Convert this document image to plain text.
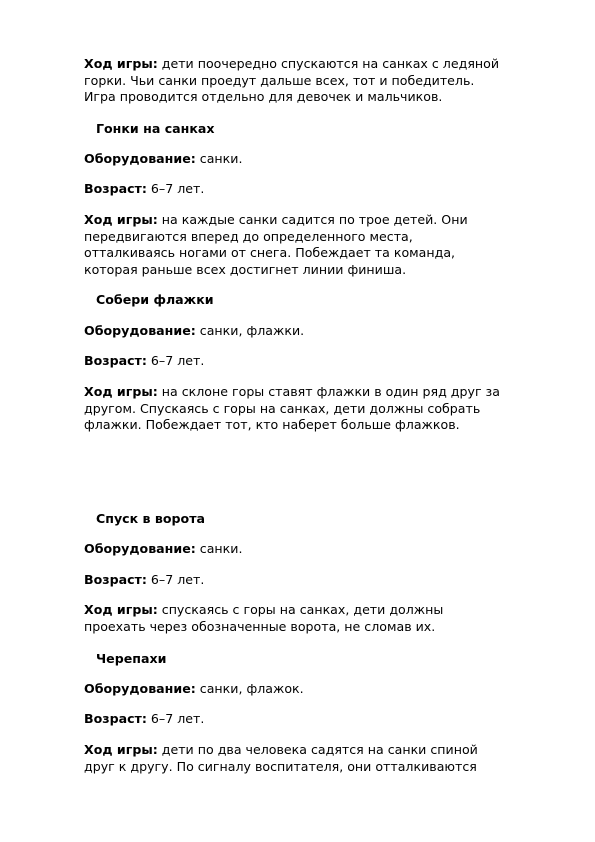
Ход игры: дети поочередно спускаются на санках с ледяной
горки. Чьи санки проедут дальше всех, тот и победитель.
Игра проводится отдельно для девочек и мальчиков.
Гонки на санках
Оборудование: санки.
Возраст: 6–7 лет.
Ход игры: на каждые санки садится по трое детей. Они
передвигаются вперед до определенного места,
отталкиваясь ногами от снега. Побеждает та команда,
которая раньше всех достигнет линии финиша.
Собери флажки
Оборудование: санки, флажки.
Возраст: 6–7 лет.
Ход игры: на склоне горы ставят флажки в один ряд друг за
другом. Спускаясь с горы на санках, дети должны собрать
флажки. Побеждает тот, кто наберет больше флажков.
Спуск в ворота
Оборудование: санки.
Возраст: 6–7 лет.
Ход игры: спускаясь с горы на санках, дети должны
проехать через обозначенные ворота, не сломав их.
Черепахи
Оборудование: санки, флажок.
Возраст: 6–7 лет.
Ход игры: дети по два человека садятся на санки спиной
друг к другу. По сигналу воспитателя, они отталкиваются
